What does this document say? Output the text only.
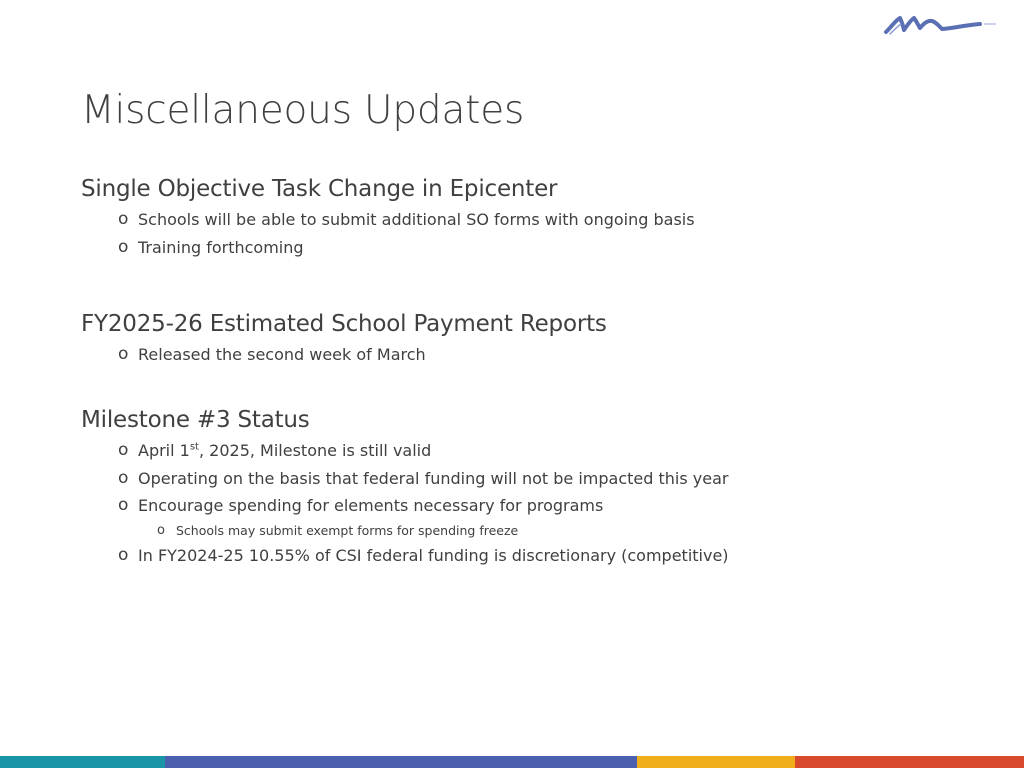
Miscellaneous Updates
Single Objective Task Change in Epicenter
o Schools will be able to submit additional SO forms with ongoing basis
o Training forthcoming
FY2025-26 Estimated School Payment Reports
o Released the second week of March
Milestone #3 Status
o April 1st, 2025, Milestone is still valid
o Operating on the basis that federal funding will not be impacted this year
o Encourage spending for elements necessary for programs
o Schools may submit exempt forms for spending freeze
o In FY2024-25 10.55% of CSI federal funding is discretionary (competitive)
